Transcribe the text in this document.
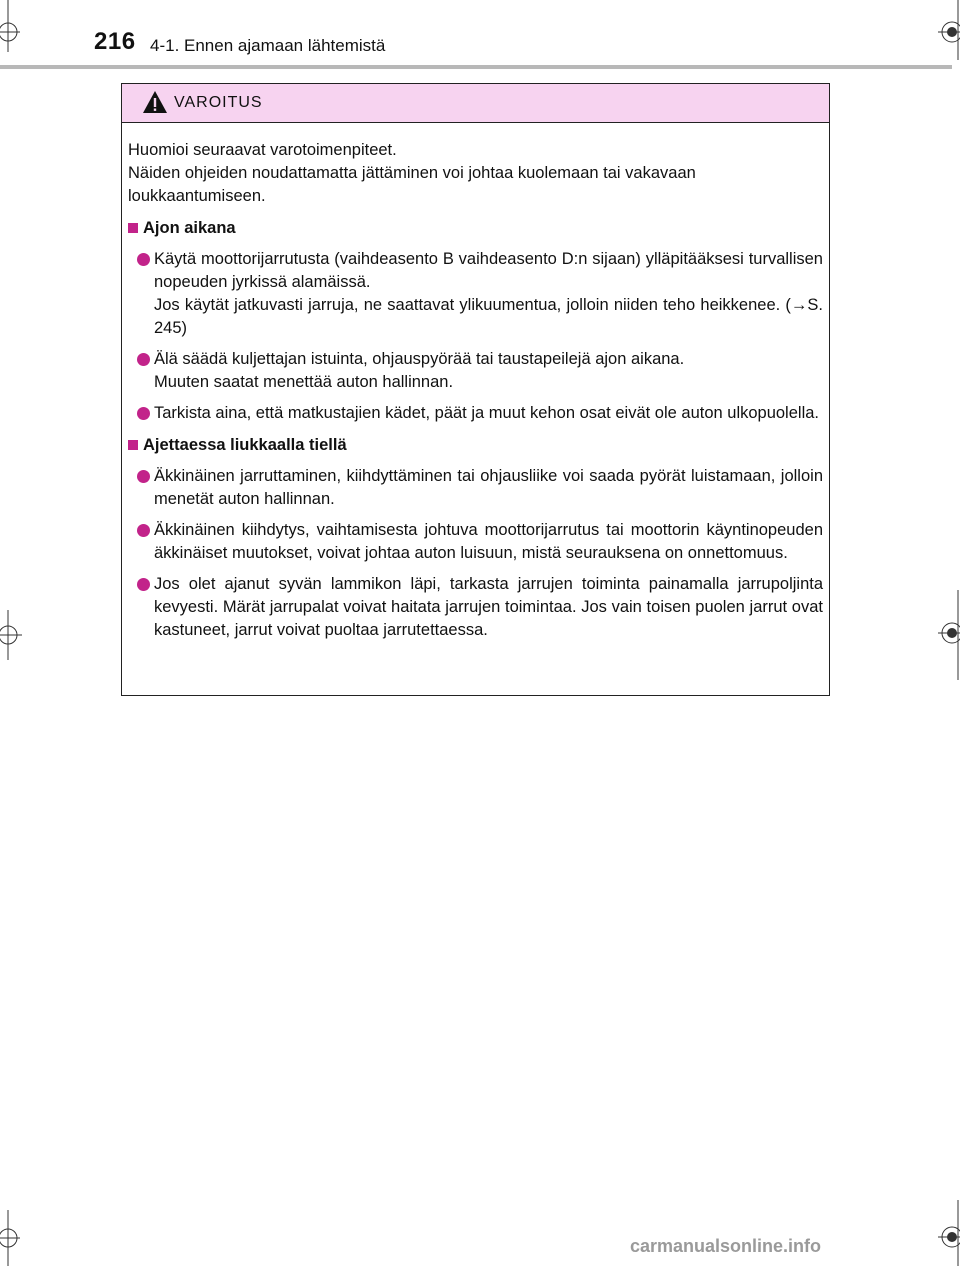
216 4-1. Ennen ajamaan lähtemistä
VAROITUS
Huomioi seuraavat varotoimenpiteet.
Näiden ohjeiden noudattamatta jättäminen voi johtaa kuolemaan tai vakavaan loukkaantumiseen.
Ajon aikana
Käytä moottorijarrutusta (vaihdeasento B vaihdeasento D:n sijaan) ylläpitääksesi turvallisen nopeuden jyrkissä alamäissä.
Jos käytät jatkuvasti jarruja, ne saattavat ylikuumentua, jolloin niiden teho heikkenee. (→S. 245)
Älä säädä kuljettajan istuinta, ohjauspyörää tai taustapeilejä ajon aikana.
Muuten saatat menettää auton hallinnan.
Tarkista aina, että matkustajien kädet, päät ja muut kehon osat eivät ole auton ulkopuolella.
Ajettaessa liukkaalla tiellä
Äkkinäinen jarruttaminen, kiihdyttäminen tai ohjausliike voi saada pyörät luistamaan, jolloin menetät auton hallinnan.
Äkkinäinen kiihdytys, vaihtamisesta johtuva moottorijarrutus tai moottorin käyntinopeuden äkkinäiset muutokset, voivat johtaa auton luisuun, mistä seurauksena on onnettomuus.
Jos olet ajanut syvän lammikon läpi, tarkasta jarrujen toiminta painamalla jarrupoljinta kevyesti. Märät jarrupalat voivat haitata jarrujen toimintaa. Jos vain toisen puolen jarrut ovat kastuneet, jarrut voivat puoltaa jarrutettaessa.
carmanualsonline.info
